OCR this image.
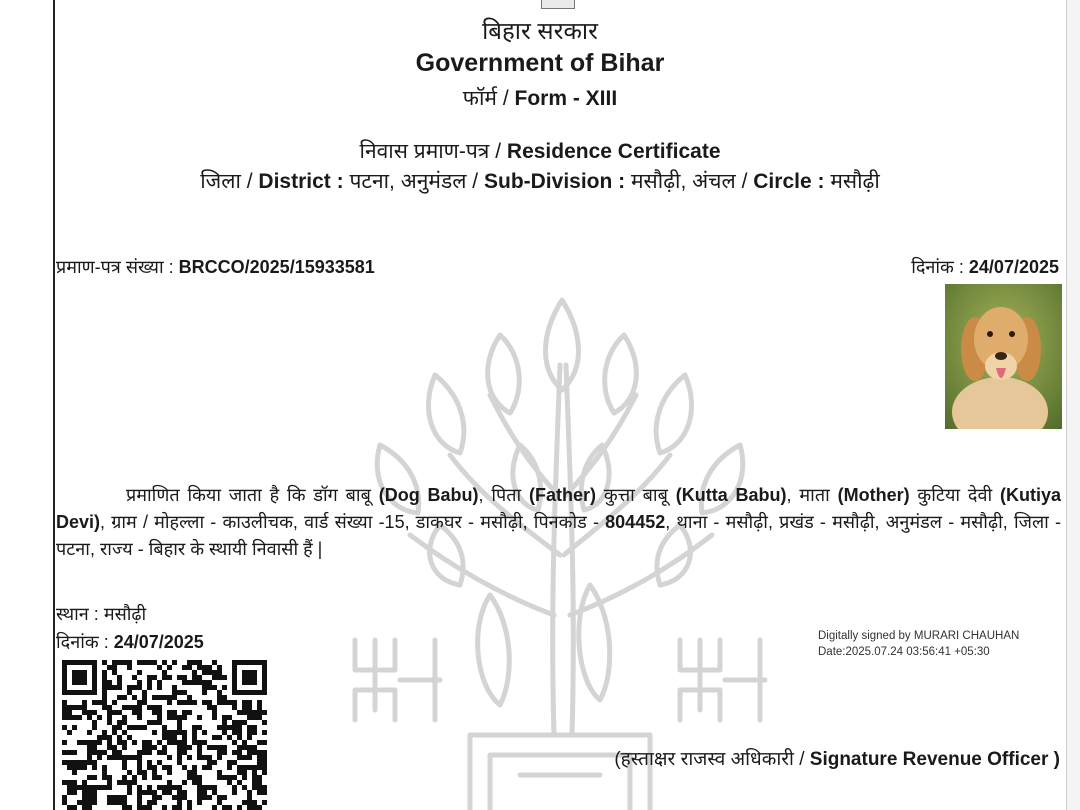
बिहार सरकार
Government of Bihar
फॉर्म / Form - XIII
निवास प्रमाण-पत्र / Residence Certificate
जिला / District : पटना, अनुमंडल / Sub-Division : मसौढ़ी, अंचल / Circle : मसौढ़ी
प्रमाण-पत्र संख्या : BRCCO/2025/15933581	दिनांक : 24/07/2025
प्रमाणित किया जाता है कि डॉग बाबू (Dog Babu), पिता (Father) कुत्ता बाबू (Kutta Babu), माता (Mother) कुटिया देवी (Kutiya Devi), ग्राम / मोहल्ला - काउलीचक, वार्ड संख्या -15, डाकघर - मसौढ़ी, पिनकोड - 804452, थाना - मसौढ़ी, प्रखंड - मसौढ़ी, अनुमंडल - मसौढ़ी, जिला - पटना, राज्य - बिहार के स्थायी निवासी हैं |
स्थान : मसौढ़ी
दिनांक : 24/07/2025	Digitally signed by MURARI CHAUHAN
Date:2025.07.24 03:56:41 +05:30
(हस्ताक्षर राजस्व अधिकारी / Signature Revenue Officer )
